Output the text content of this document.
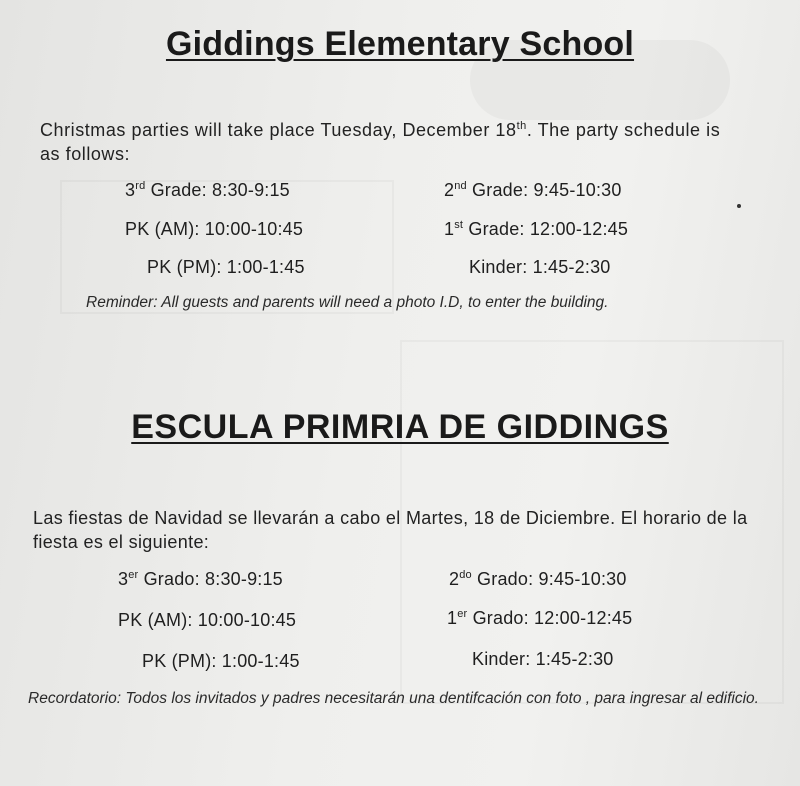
Giddings Elementary School
Christmas parties will take place Tuesday, December 18th. The party schedule is as follows:
3rd Grade: 8:30-9:15	2nd Grade: 9:45-10:30
PK (AM): 10:00-10:45	1st Grade: 12:00-12:45
PK (PM): 1:00-1:45	Kinder: 1:45-2:30
Reminder: All guests and parents will need a photo I.D, to enter the building.
ESCULA PRIMRIA DE GIDDINGS
Las fiestas de Navidad se llevarán a cabo el Martes, 18 de Diciembre. El horario de la fiesta es el siguiente:
3er Grado: 8:30-9:15	$2^{do}$ Grado: 9:45-10:30
PK (AM): 10:00-10:45	1er Grado: 12:00-12:45
PK (PM): 1:00-1:45	Kinder: 1:45-2:30
Recordatorio: Todos los invitados y padres necesitarán una dentifcación con foto , para ingresar al edificio.
